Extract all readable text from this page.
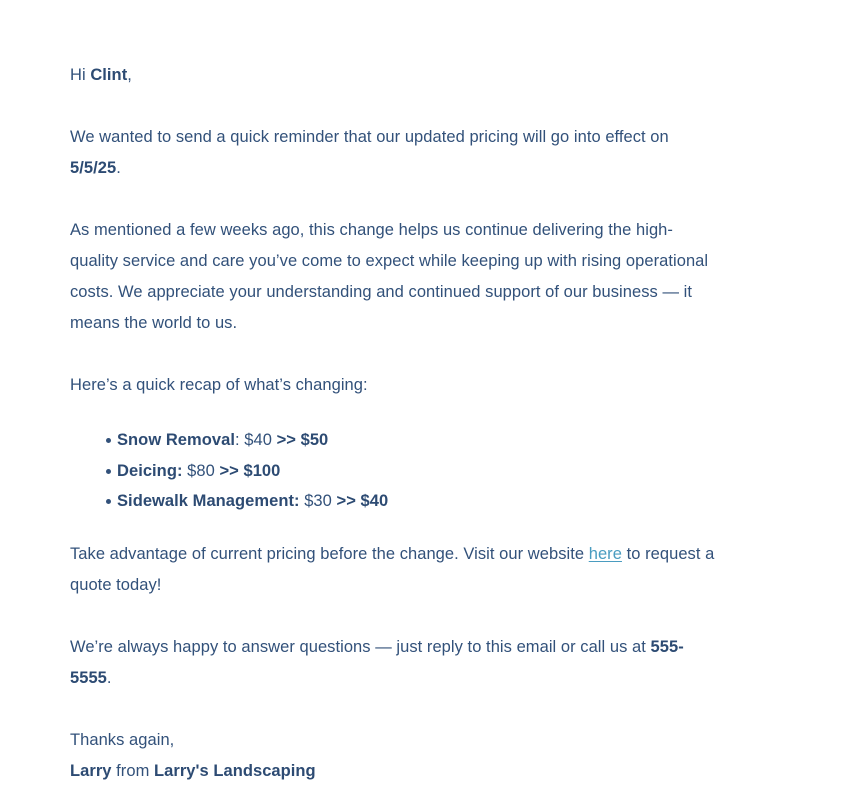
Hi Clint,

We wanted to send a quick reminder that our updated pricing will go into effect on 5/5/25.

As mentioned a few weeks ago, this change helps us continue delivering the high-quality service and care you’ve come to expect while keeping up with rising operational costs. We appreciate your understanding and continued support of our business — it means the world to us.

Here’s a quick recap of what’s changing:

Snow Removal: $40 >> $50
Deicing: $80 >> $100
Sidewalk Management: $30 >> $40

Take advantage of current pricing before the change. Visit our website here to request a quote today!

We’re always happy to answer questions — just reply to this email or call us at 555-5555.

Thanks again,

Larry from Larry's Landscaping
